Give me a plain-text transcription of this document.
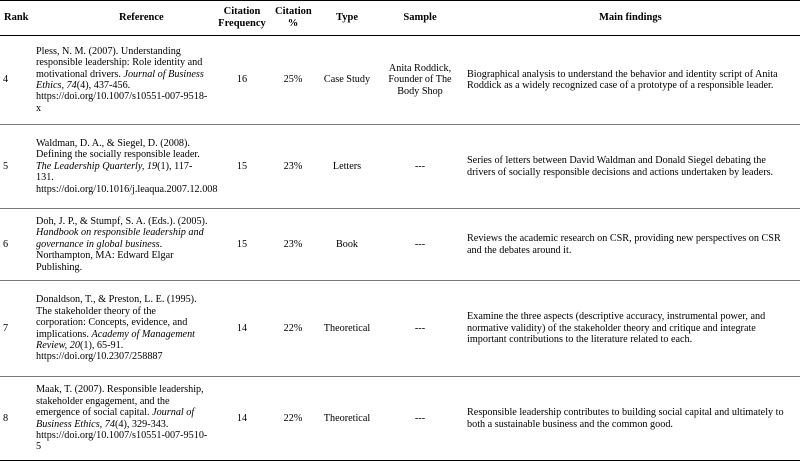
Rank	Reference	Citation Frequency	Citation %	Type	Sample	Main findings
4	Pless, N. M. (2007). Understanding responsible leadership: Role identity and motivational drivers. Journal of Business Ethics, 74(4), 437-456. https://doi.org/10.1007/s10551-007-9518-x	16	25%	Case Study	Anita Roddick, Founder of The Body Shop	Biographical analysis to understand the behavior and identity script of Anita Roddick as a widely recognized case of a prototype of a responsible leader.
5	Waldman, D. A., & Siegel, D. (2008). Defining the socially responsible leader. The Leadership Quarterly, 19(1), 117-131. https://doi.org/10.1016/j.leaqua.2007.12.008	15	23%	Letters	---	Series of letters between David Waldman and Donald Siegel debating the drivers of socially responsible decisions and actions undertaken by leaders.
6	Doh, J. P., & Stumpf, S. A. (Eds.). (2005). Handbook on responsible leadership and governance in global business. Northampton, MA: Edward Elgar Publishing.	15	23%	Book	---	Reviews the academic research on CSR, providing new perspectives on CSR and the debates around it.
7	Donaldson, T., & Preston, L. E. (1995). The stakeholder theory of the corporation: Concepts, evidence, and implications. Academy of Management Review, 20(1), 65-91. https://doi.org/10.2307/258887	14	22%	Theoretical	---	Examine the three aspects (descriptive accuracy, instrumental power, and normative validity) of the stakeholder theory and critique and integrate important contributions to the literature related to each.
8	Maak, T. (2007). Responsible leadership, stakeholder engagement, and the emergence of social capital. Journal of Business Ethics, 74(4), 329-343. https://doi.org/10.1007/s10551-007-9510-5	14	22%	Theoretical	---	Responsible leadership contributes to building social capital and ultimately to both a sustainable business and the common good.
